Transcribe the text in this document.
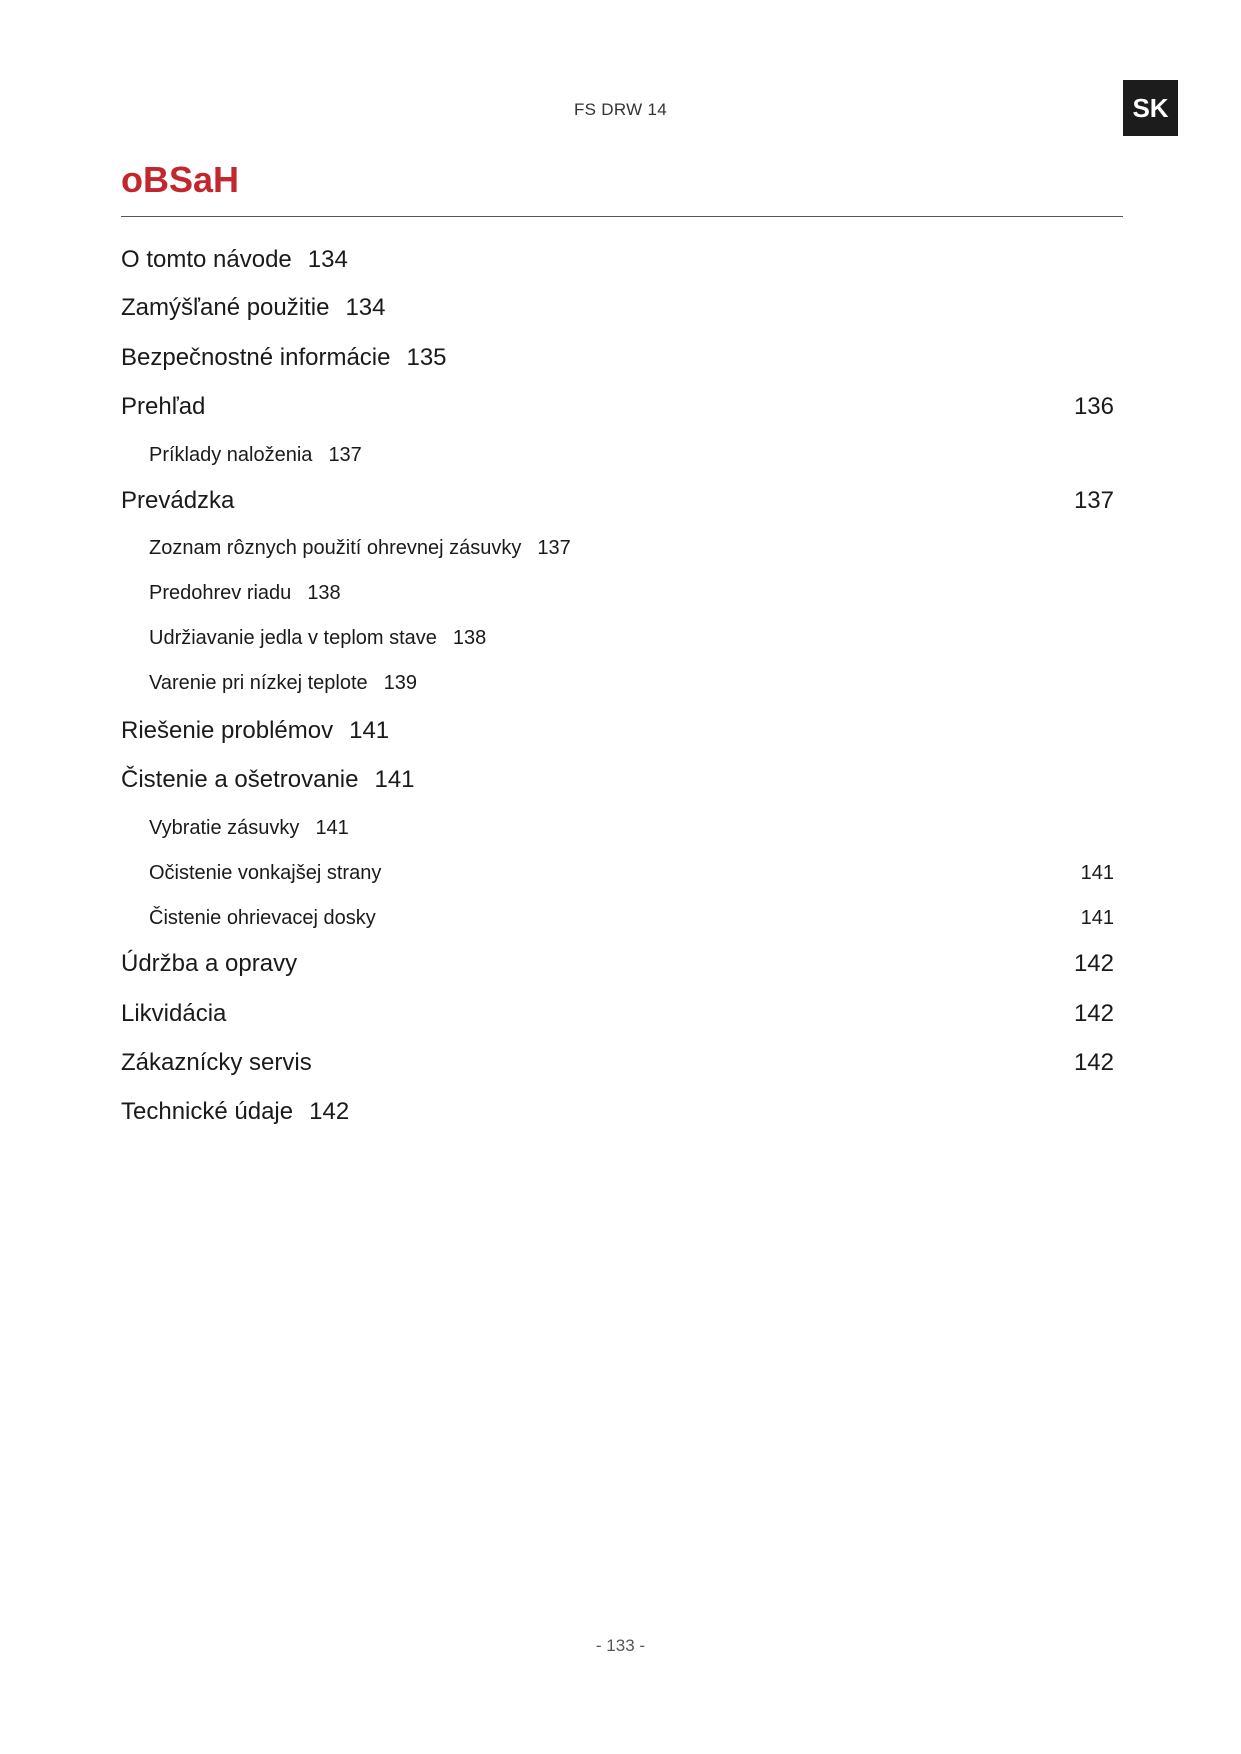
FS DRW 14	SK
oBSaH
O tomto návode 134
Zamýšľané použitie 134
Bezpečnostné informácie 135
Prehľad	136
Príklady naloženia 137
Prevádzka	137
Zoznam rôznych použití ohrevnej zásuvky 137
Predohrev riadu 138
Udržiavanie jedla v teplom stave 138
Varenie pri nízkej teplote 139
Riešenie problémov 141
Čistenie a ošetrovanie 141
Vybratie zásuvky 141
Očistenie vonkajšej strany	141
Čistenie ohrievacej dosky	141
Údržba a opravy	142
Likvidácia	142
Zákaznícky servis	142
Technické údaje 142
- 133 -
